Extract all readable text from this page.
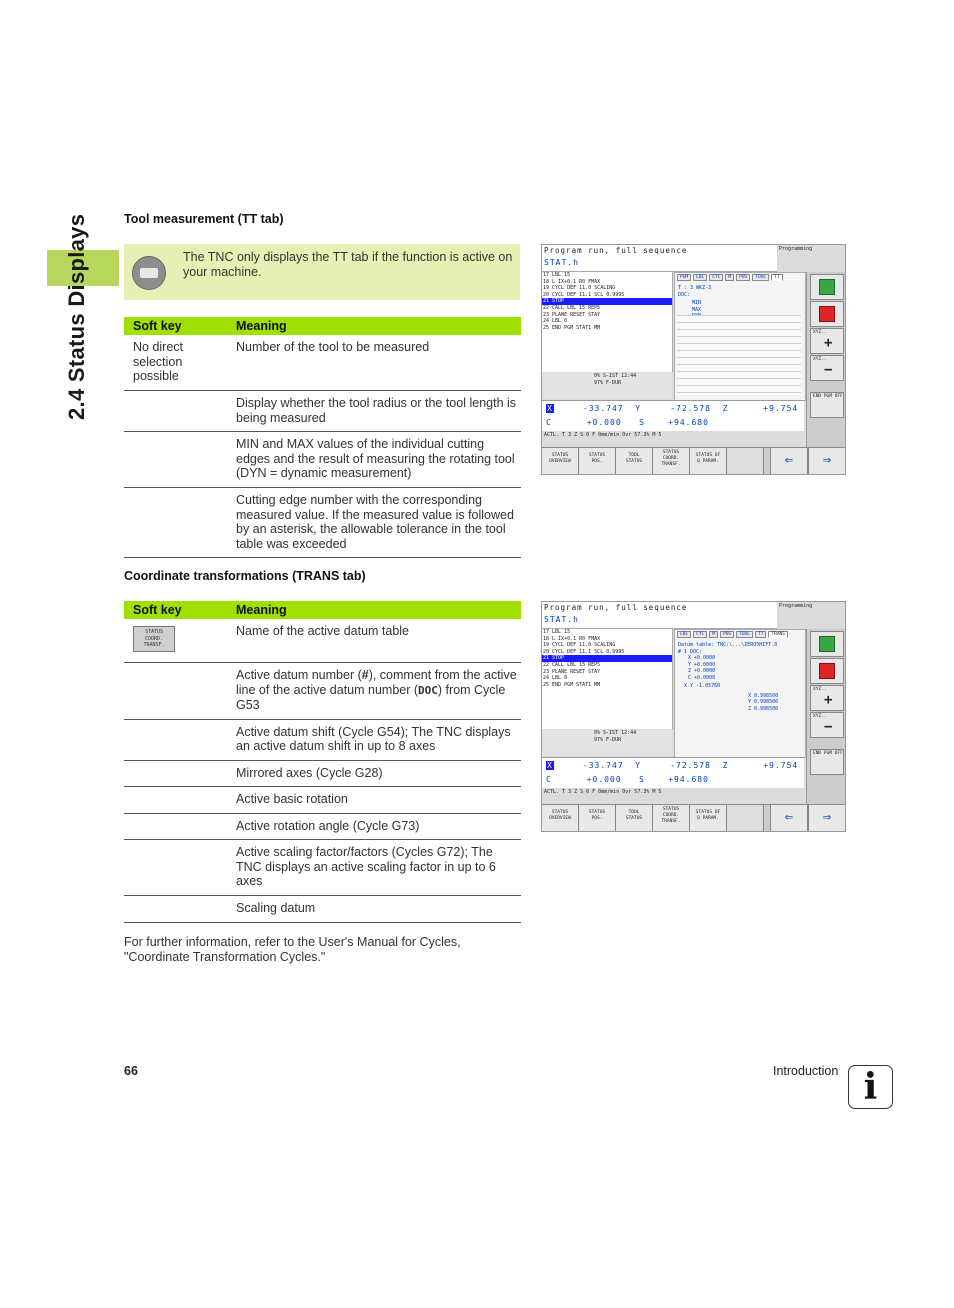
2.4 Status Displays	Tool measurement (TT tab)
The TNC only displays the TT tab if the function is active on your machine.
Soft key	Meaning
No direct selection possible	Number of the tool to be measured
	Display whether the tool radius or the tool length is being measured
	MIN and MAX values of the individual cutting edges and the result of measuring the rotating tool (DYN = dynamic measurement)
	Cutting edge number with the corresponding measured value. If the measured value is followed by an asterisk, the allowable tolerance in the tool table was exceeded
Coordinate transformations (TRANS tab)
Soft key	Meaning
STATUS
COORD.
TRANSF.	Name of the active datum table
	Active datum number (#), comment from the active line of the active datum number (DOC) from Cycle G53
	Active datum shift (Cycle G54); The TNC displays an active datum shift in up to 8 axes
	Mirrored axes (Cycle G28)
	Active basic rotation
	Active rotation angle (Cycle G73)
	Active scaling factor/factors (Cycles G72); The TNC displays an active scaling factor in up to 6 axes
	Scaling datum
For further information, refer to the User's Manual for Cycles, "Coordinate Transformation Cycles."
Program run, full sequence
STAT.h
Programming
17 LBL 15
18 L IX+0.1 R0 FMAX
19 CYCL DEF 11.0 SCALING
20 CYCL DEF 11.1 SCL 0.9995
21 STOP
22 CALL LBL 15 REP5
23 PLANE RESET STAY
24 LBL 0
25 END PGM STAT1 MM
0% S-IST 12:44
97% F-DUR
PGM	LBL	CYC	M	POS	TOOL	TT
T : 3 WKZ-3
DOC:
MIN
MAX
XYZ..
+
XYZ..
−
END PGM OFF
X	-33.747 Y	-72.578 Z	+9.754
C	+0.000 S	+94.680
ACTL. T 3 Z S 0 F 0mm/min Ovr 57.3% M 5
STATUS
OVERVIEW
STATUS
POS.
TOOL
STATUS
STATUS
COORD.
TRANSF.
STATUS OF
Q PARAM.	⇐	⇒
Program run, full sequence
STAT.h
Programming
17 LBL 15
18 L IX+0.1 R0 FMAX
19 CYCL DEF 11.0 SCALING
20 CYCL DEF 11.1 SCL 0.9995
21 STOP
22 CALL LBL 15 REP5
23 PLANE RESET STAY
24 LBL 0
25 END PGM STAT1 MM
0% S-IST 12:44
97% F-DUR
LBL	CYC	M	POS	TOOL	TT	TRANS
Datum table: TNC:\...\ZERO5HIFT.D
# 1 DOC:
X +0.0000
Y +0.0000
Z +0.0000
C +0.0000
X Y -1.05760
X 0.998500
Y 0.998500
Z 0.998500
XYZ..
+
XYZ..
−
END PGM OFF
X	-33.747 Y	-72.578 Z	+9.754
C	+0.000 S	+94.680
ACTL. T 3 Z S 0 F 0mm/min Ovr 57.3% M 5
STATUS
OVERVIEW
STATUS
POS.
TOOL
STATUS
STATUS
COORD.
TRANSF.
STATUS OF
Q PARAM.	⇐	⇒
66	Introduction i
